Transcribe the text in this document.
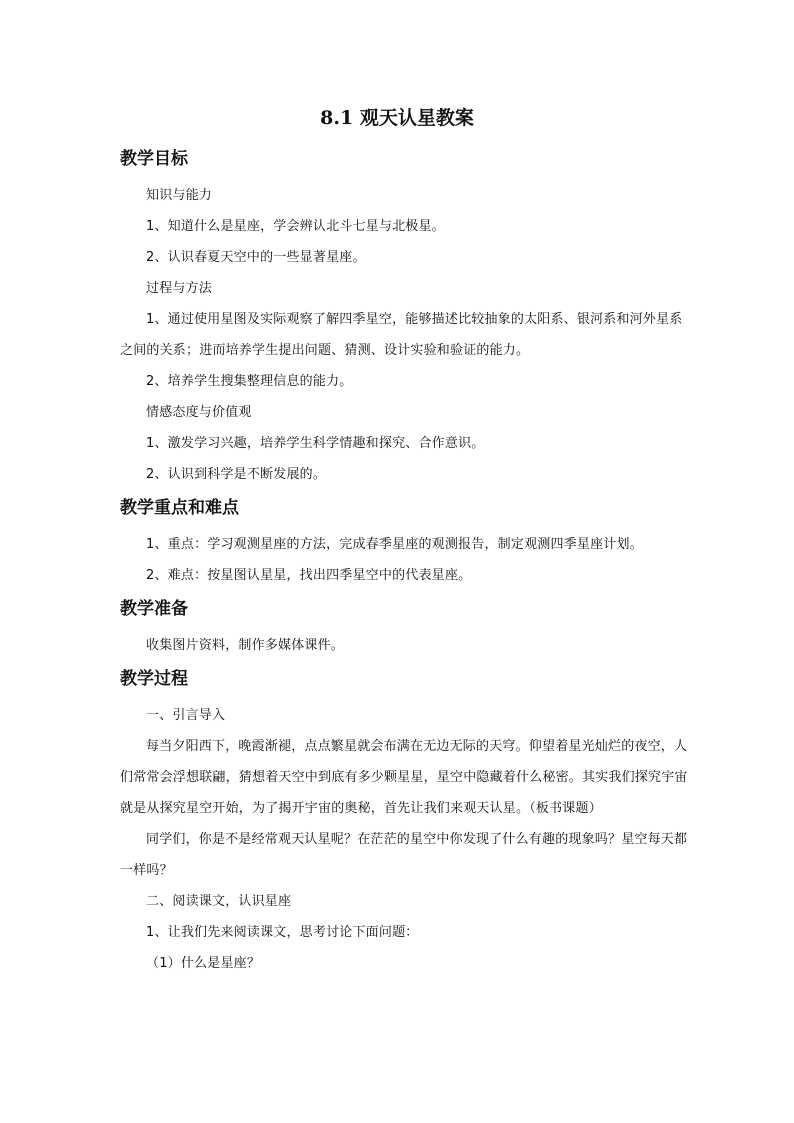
8.1 观天认星教案
教学目标

知识与能力

1、知道什么是星座，学会辨认北斗七星与北极星。

2、认识春夏天空中的一些显著星座。

过程与方法

1、通过使用星图及实际观察了解四季星空，能够描述比较抽象的太阳系、银河系和河外星系之间的关系；进而培养学生提出问题、猜测、设计实验和验证的能力。

2、培养学生搜集整理信息的能力。

情感态度与价值观

1、激发学习兴趣，培养学生科学情趣和探究、合作意识。

2、认识到科学是不断发展的。

教学重点和难点

1、重点：学习观测星座的方法，完成春季星座的观测报告，制定观测四季星座计划。

2、难点：按星图认星星，找出四季星空中的代表星座。

教学准备

收集图片资料，制作多媒体课件。

教学过程

一、引言导入

每当夕阳西下，晚霞渐褪，点点繁星就会布满在无边无际的天穹。仰望着星光灿烂的夜空，人们常常会浮想联翩，猜想着天空中到底有多少颗星星，星空中隐藏着什么秘密。其实我们探究宇宙就是从探究星空开始，为了揭开宇宙的奥秘，首先让我们来观天认星。（板书课题）

同学们，你是不是经常观天认星呢？在茫茫的星空中你发现了什么有趣的现象吗？星空每天都一样吗？

二、阅读课文，认识星座

1、让我们先来阅读课文，思考讨论下面问题：

（1）什么是星座？
